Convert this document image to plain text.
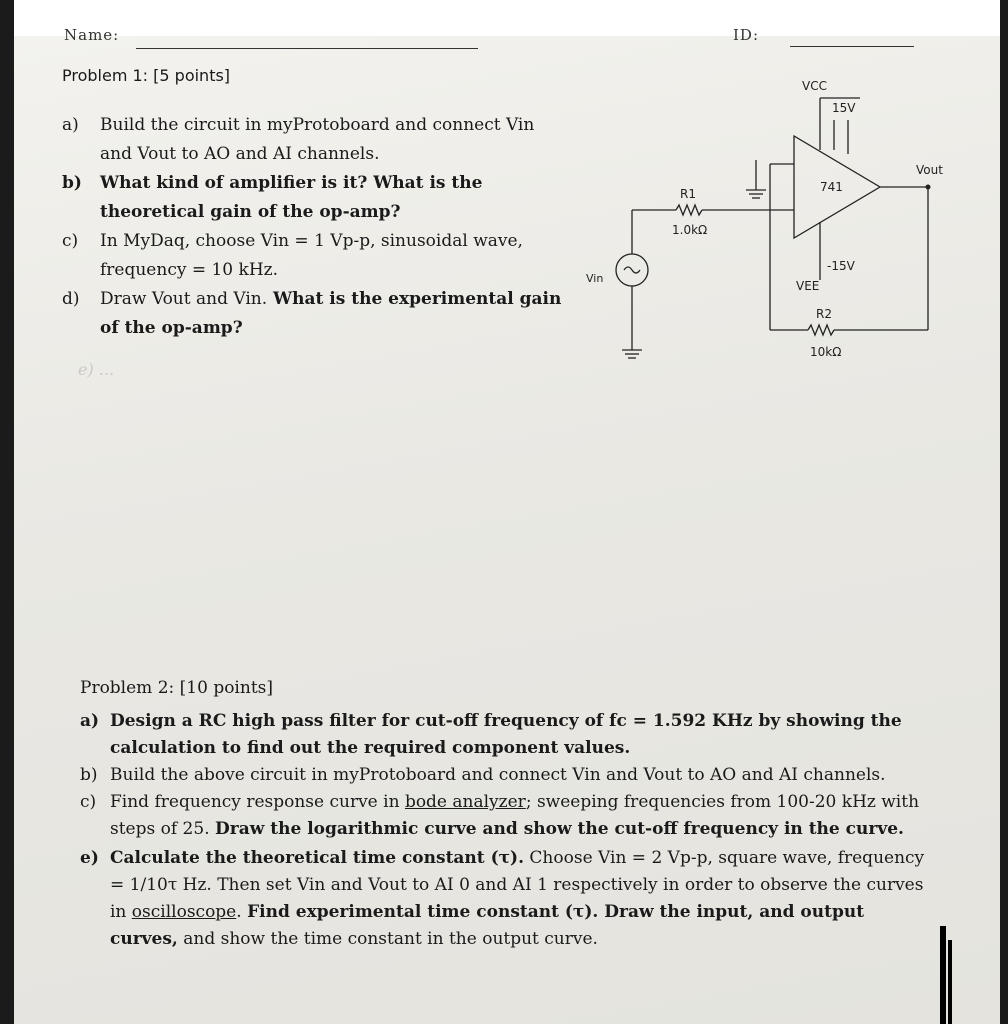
Name:	ID:
Problem 1: [5 points]
a) Build the circuit in myProtoboard and connect Vin and Vout to AO and AI channels.
b) What kind of amplifier is it? What is the theoretical gain of the op-amp?
c) In MyDaq, choose Vin = 1 Vp-p, sinusoidal wave, frequency = 10 kHz.
d) Draw Vout and Vin. What is the experimental gain of the op-amp?
e) ...
VCC
15V
741
Vout
R1
1.0kΩ
Vin
-15V
VEE
R2
10kΩ
Problem 2: [10 points]
a) Design a RC high pass filter for cut-off frequency of fc = 1.592 KHz by showing the calculation to find out the required component values.
b) Build the above circuit in myProtoboard and connect Vin and Vout to AO and AI channels.
c) Find frequency response curve in bode analyzer; sweeping frequencies from 100-20 kHz with steps of 25. Draw the logarithmic curve and show the cut-off frequency in the curve.
e) Calculate the theoretical time constant (τ). Choose Vin = 2 Vp-p, square wave, frequency = 1/10τ Hz. Then set Vin and Vout to AI 0 and AI 1 respectively in order to observe the curves in oscilloscope. Find experimental time constant (τ). Draw the input, and output curves, and show the time constant in the output curve.
